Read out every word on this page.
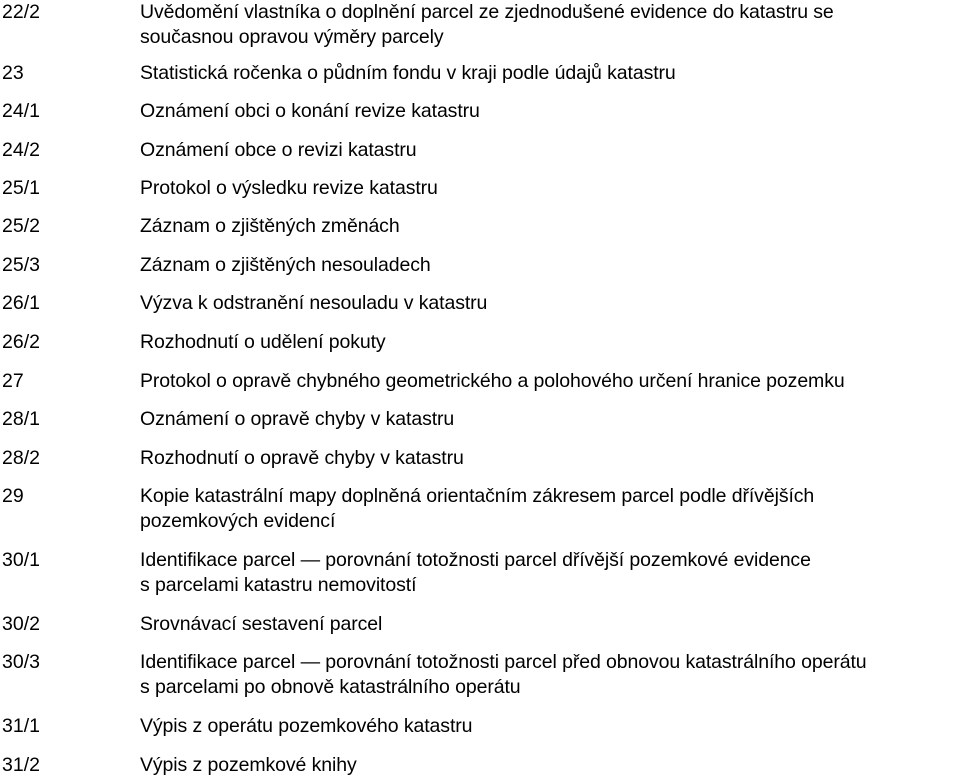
22/2	Uvědomění vlastníka o doplnění parcel ze zjednodušené evidence do katastru se
současnou opravou výměry parcely
23	Statistická ročenka o půdním fondu v kraji podle údajů katastru
24/1	Oznámení obci o konání revize katastru
24/2	Oznámení obce o revizi katastru
25/1	Protokol o výsledku revize katastru
25/2	Záznam o zjištěných změnách
25/3	Záznam o zjištěných nesouladech
26/1	Výzva k odstranění nesouladu v katastru
26/2	Rozhodnutí o udělení pokuty
27	Protokol o opravě chybného geometrického a polohového určení hranice pozemku
28/1	Oznámení o opravě chyby v katastru
28/2	Rozhodnutí o opravě chyby v katastru
29	Kopie katastrální mapy doplněná orientačním zákresem parcel podle dřívějších
pozemkových evidencí
30/1	Identifikace parcel — porovnání totožnosti parcel dřívější pozemkové evidence
s parcelami katastru nemovitostí
30/2	Srovnávací sestavení parcel
30/3	Identifikace parcel — porovnání totožnosti parcel před obnovou katastrálního operátu
s parcelami po obnově katastrálního operátu
31/1	Výpis z operátu pozemkového katastru
31/2	Výpis z pozemkové knihy
